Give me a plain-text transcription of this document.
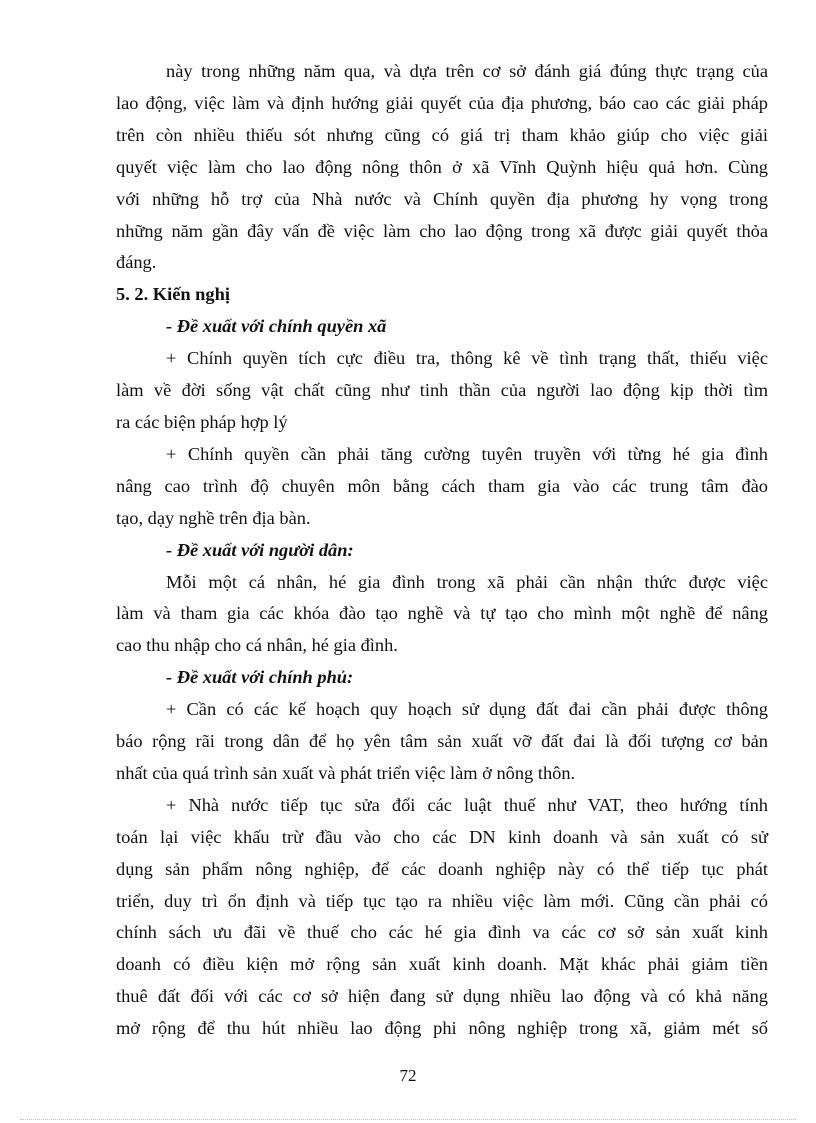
này trong những năm qua, và dựa trên cơ sở đánh giá đúng thực trạng của

lao động, việc làm và định hướng giải quyết của địa phương, báo cao các giải pháp

trên còn nhiều thiếu sót nhưng cũng có giá trị tham khảo giúp cho việc giải

quyết việc làm cho lao động nông thôn ở xã Vĩnh Quỳnh hiệu quả hơn. Cùng

với những hỗ trợ của Nhà nước và Chính quyền địa phương hy vọng trong

những năm gần đây vấn đề việc làm cho lao động trong xã được giải quyết thỏa

đáng.

5. 2. Kiến nghị

- Đề xuất với chính quyền xã

+ Chính quyền tích cực điều tra, thông kê về tình trạng thất, thiếu việc

làm về đời sống vật chất cũng như tinh thần của người lao động kịp thời tìm

ra các biện pháp hợp lý

+ Chính quyền cần phải tăng cường tuyên truyền với từng hé gia đình

nâng cao trình độ chuyên môn bằng cách tham gia vào các trung tâm đào

tạo, dạy nghề trên địa bàn.

- Đề xuất với người dân:

Mỗi một cá nhân, hé gia đình trong xã phải cần nhận thức được việc

làm và tham gia các khóa đào tạo nghề và tự tạo cho mình một nghề để nâng

cao thu nhập cho cá nhân, hé gia đình.

- Đề xuất với chính phủ:

+ Cần có các kế hoạch quy hoạch sử dụng đất đai cần phải được thông

báo rộng rãi trong dân để họ yên tâm sản xuất vỡ đất đai là đối tượng cơ bản

nhất của quá trình sản xuất và phát triển việc làm ở nông thôn.

+ Nhà nước tiếp tục sửa đổi các luật thuế như VAT, theo hướng tính

toán lại việc khấu trừ đầu vào cho các DN kinh doanh và sản xuất có sử

dụng sản phẩm nông nghiệp, để các doanh nghiệp này có thể tiếp tục phát

triển, duy trì ổn định và tiếp tục tạo ra nhiều việc làm mới. Cũng cần phải có

chính sách ưu đãi về thuế cho các hé gia đình va các cơ sở sản xuất kinh

doanh có điều kiện mở rộng sản xuất kinh doanh. Mặt khác phải giảm tiền

thuê đất đối với các cơ sở hiện đang sử dụng nhiều lao động và có khả năng

mở rộng để thu hút nhiều lao động phi nông nghiệp trong xã, giảm mét số

72
